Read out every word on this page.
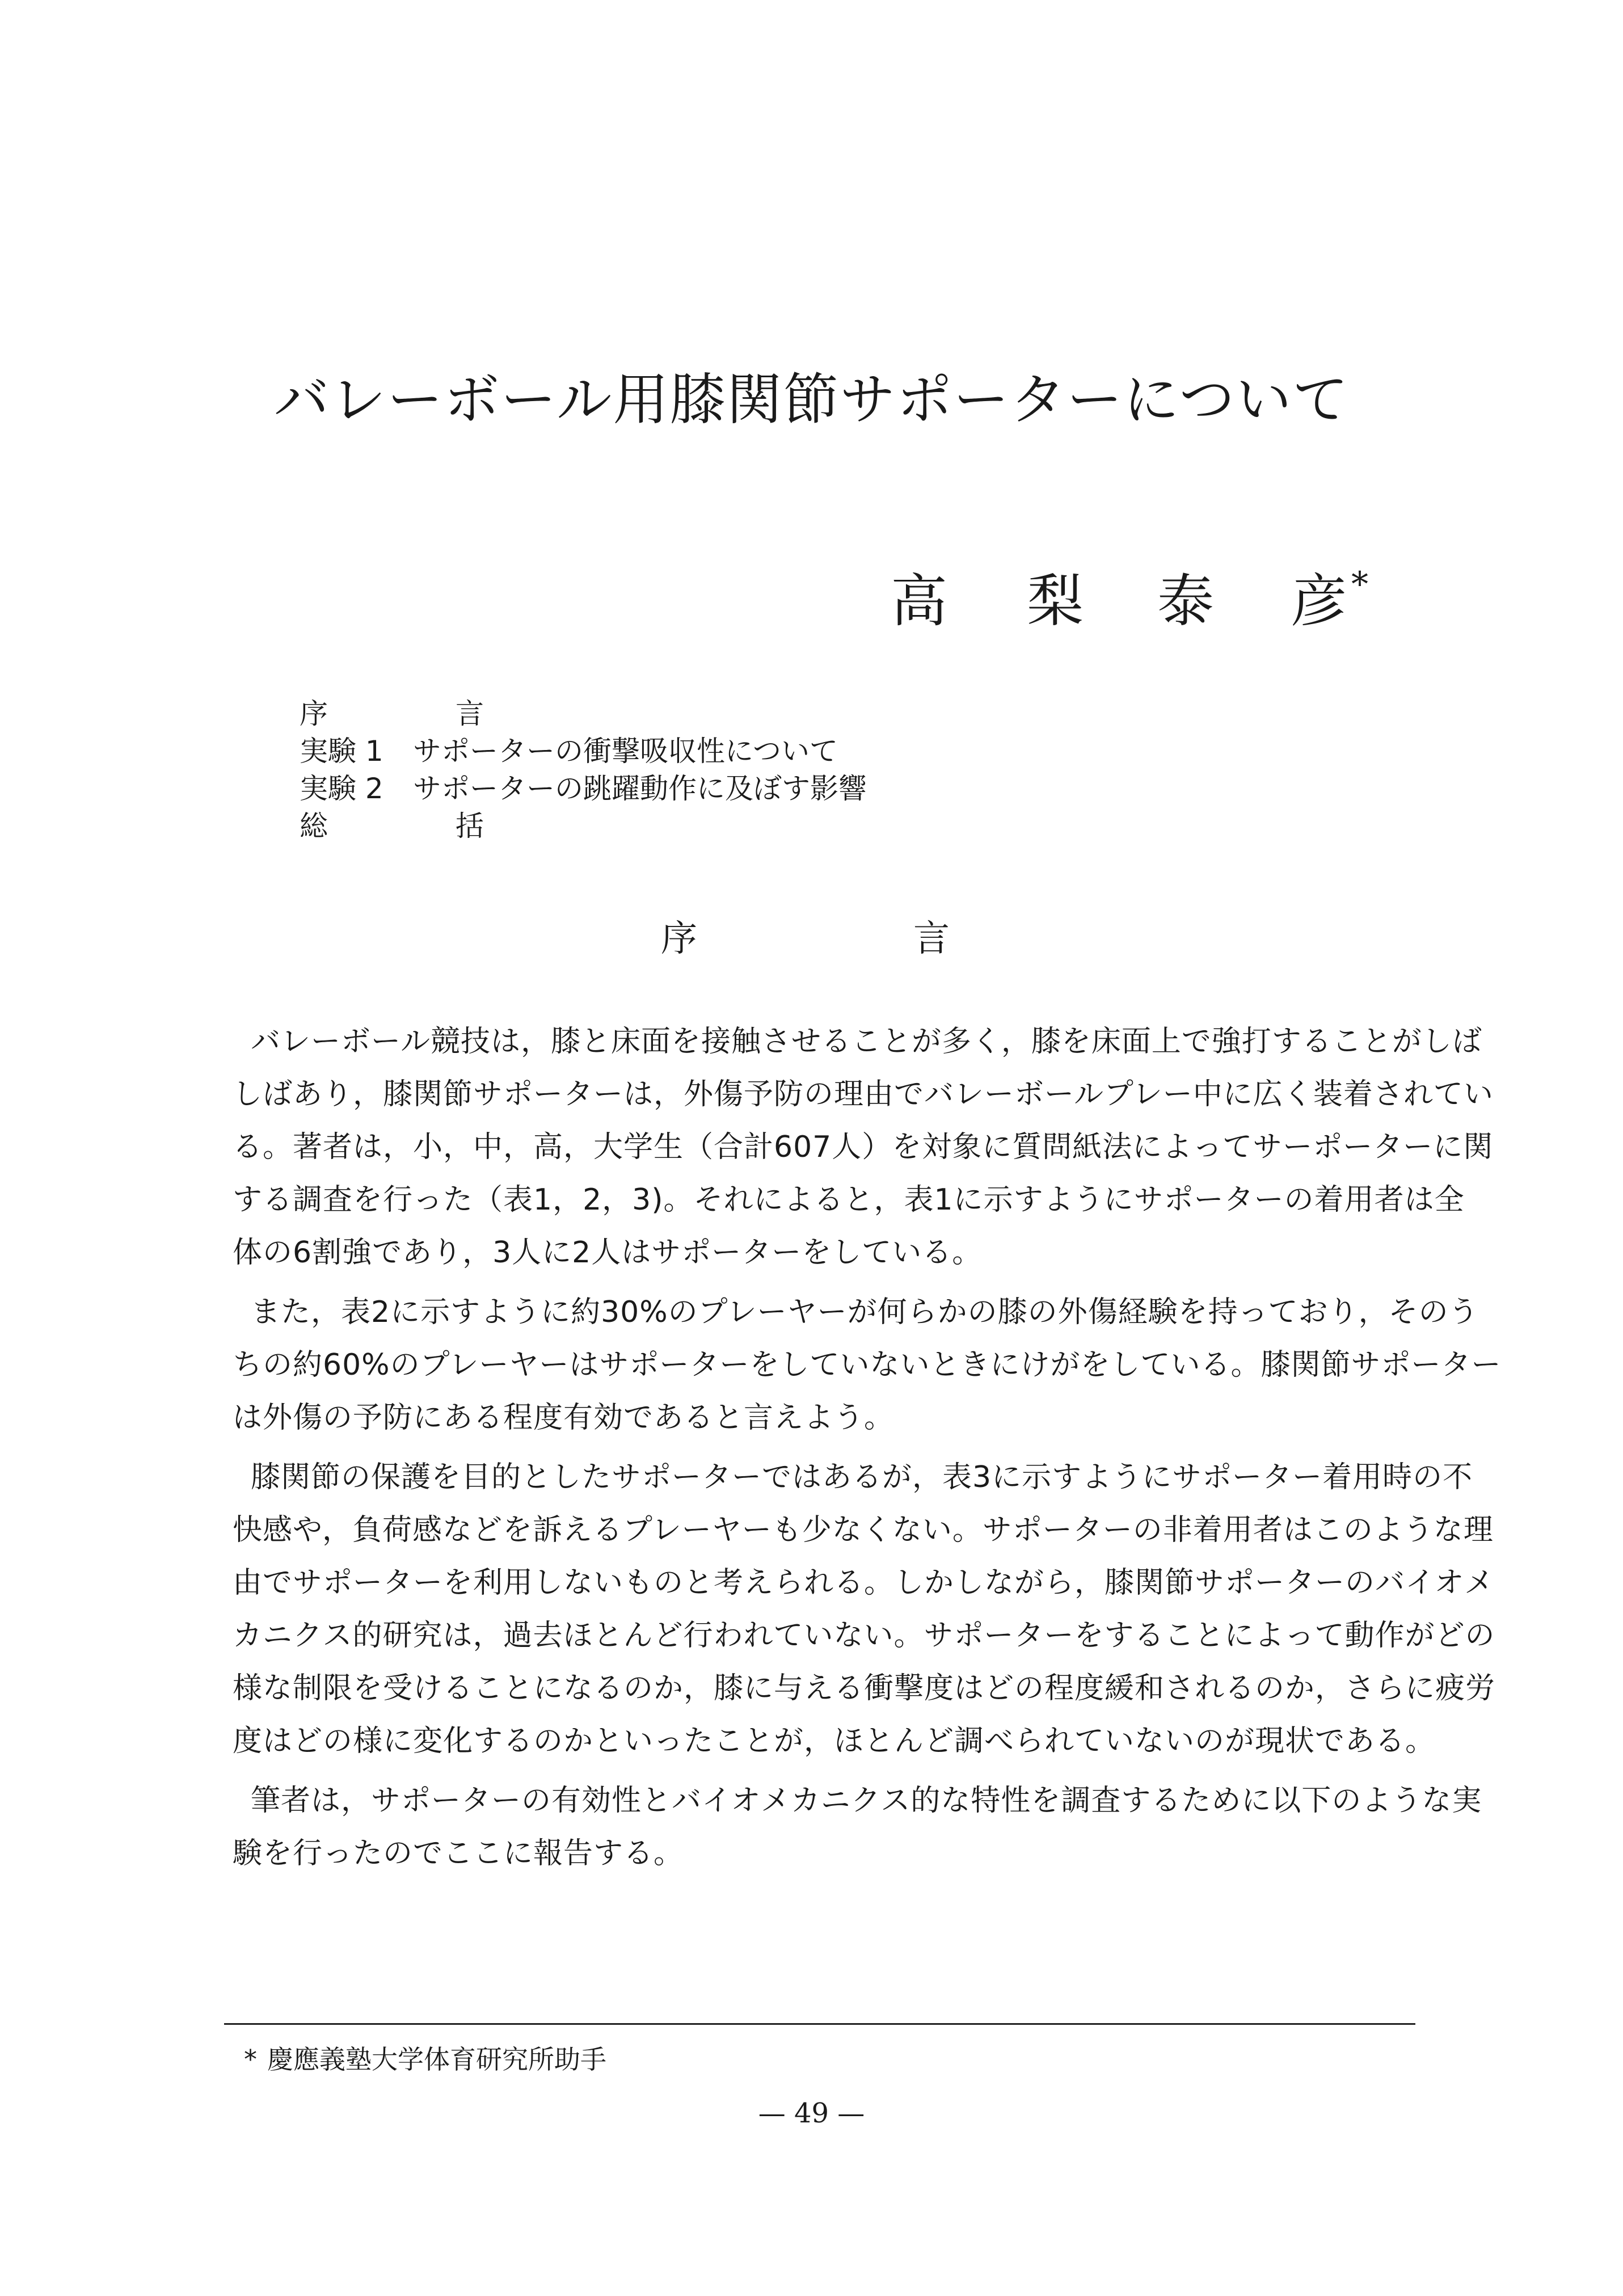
バレーボール用膝関節サポーターについて
高 梨 泰 彦 *
序	言
実験 1	サポーターの衝撃吸収性について
実験 2	サポーターの跳躍動作に及ぼす影響
総	括
序	言

バレーボール競技は，膝と床面を接触させることが多く，膝を床面上で強打することがしば
しばあり，膝関節サポーターは，外傷予防の理由でバレーボールプレー中に広く装着されてい
る。著者は，小，中，高，大学生（合計607人）を対象に質問紙法によってサーポーターに関
する調査を行った（表1，2，3)。それによると，表1に示すようにサポーターの着用者は全
体の6割強であり，3人に2人はサポーターをしている。

また，表2に示すように約30%のプレーヤーが何らかの膝の外傷経験を持っており，そのう
ちの約60%のプレーヤーはサポーターをしていないときにけがをしている。膝関節サポーター
は外傷の予防にある程度有効であると言えよう。

膝関節の保護を目的としたサポーターではあるが，表3に示すようにサポーター着用時の不
快感や，負荷感などを訴えるプレーヤーも少なくない。サポーターの非着用者はこのような理
由でサポーターを利用しないものと考えられる。しかしながら，膝関節サポーターのバイオメ
カニクス的研究は，過去ほとんど行われていない。サポーターをすることによって動作がどの
様な制限を受けることになるのか，膝に与える衝撃度はどの程度緩和されるのか，さらに疲労
度はどの様に変化するのかといったことが，ほとんど調べられていないのが現状である。

筆者は，サポーターの有効性とバイオメカニクス的な特性を調査するために以下のような実
験を行ったのでここに報告する。

* 慶應義塾大学体育研究所助手
— 49 —
